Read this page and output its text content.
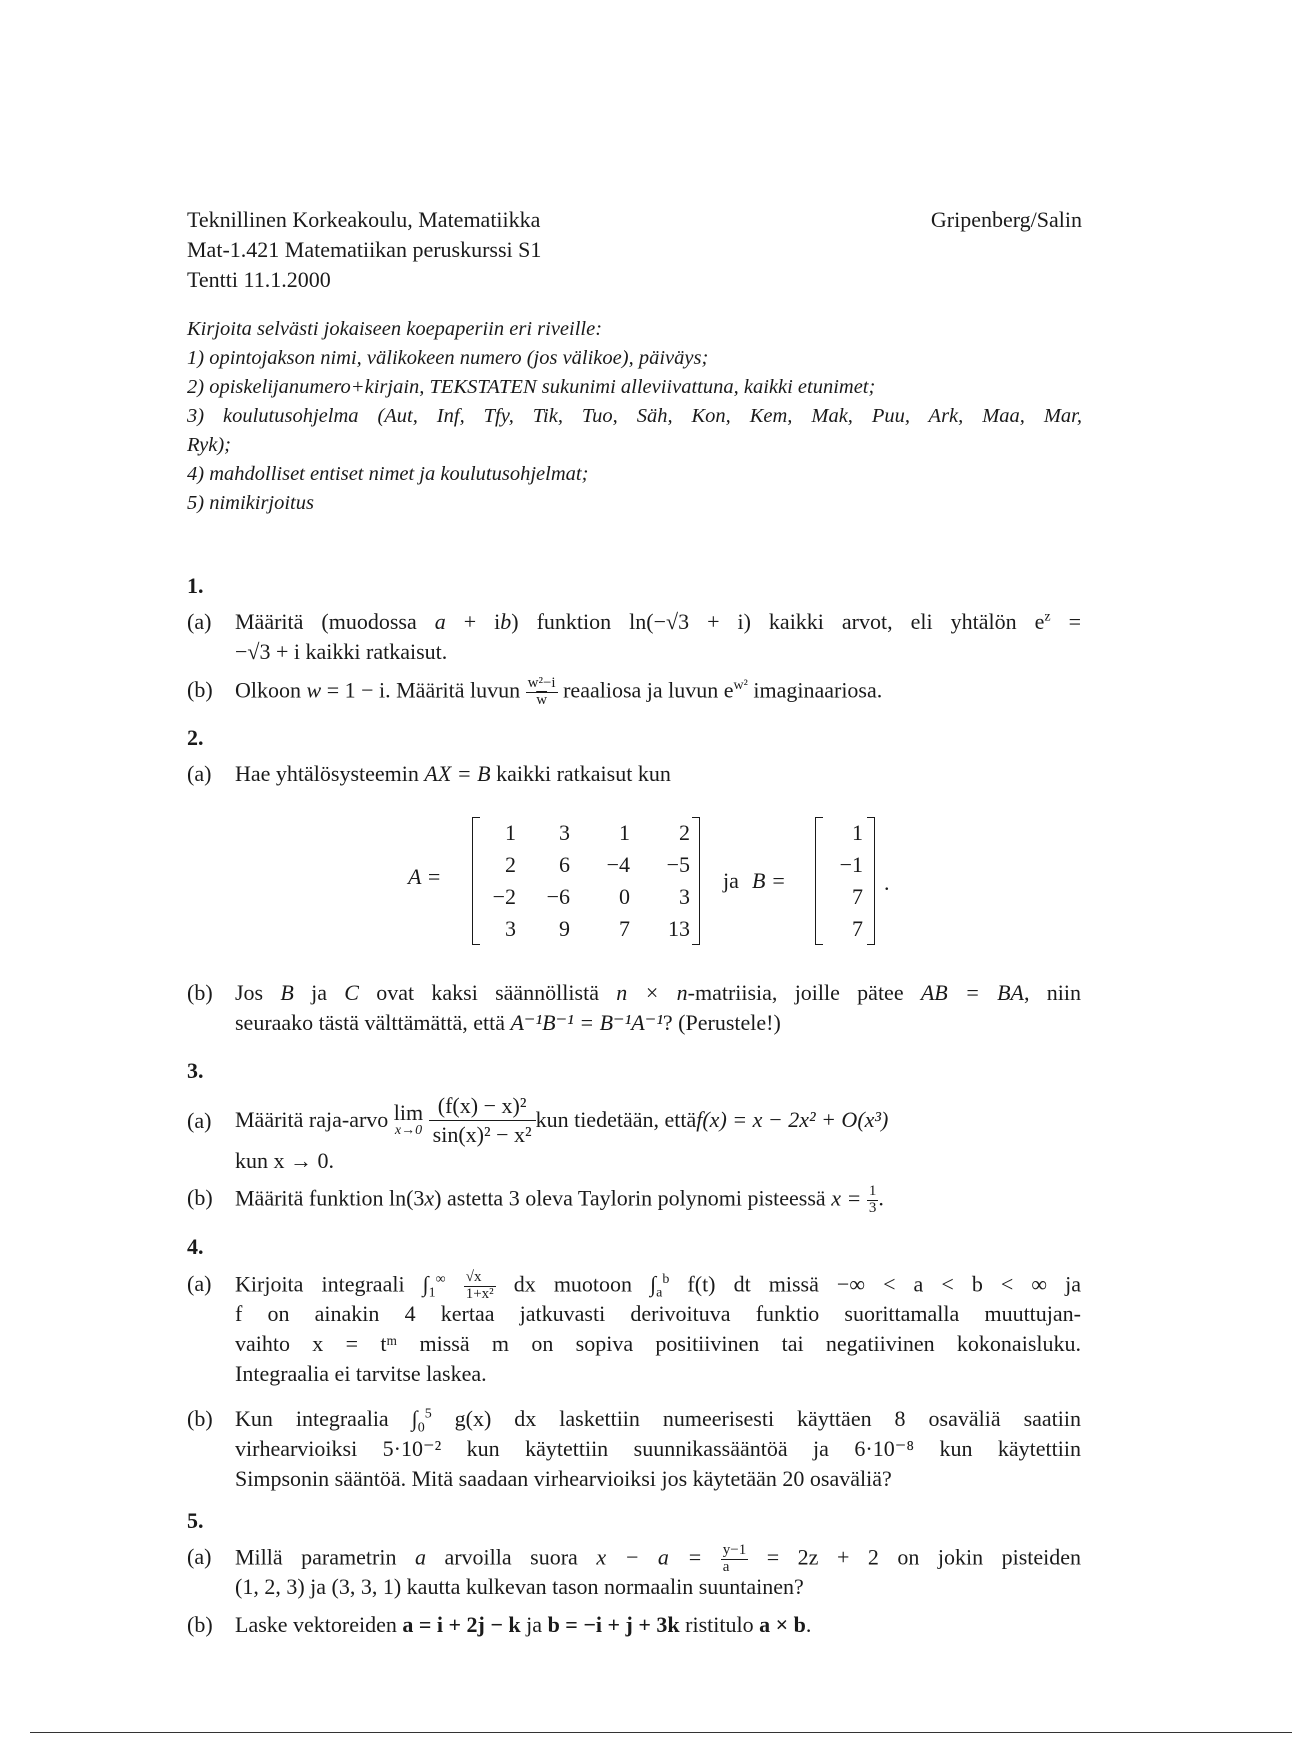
Teknillinen Korkeakoulu, Matematiikka	Gripenberg/Salin
Mat-1.421 Matematiikan peruskurssi S1
Tentti 11.1.2000
Kirjoita selvästi jokaiseen koepaperiin eri riveille:
1) opintojakson nimi, välikokeen numero (jos välikoe), päiväys;
2) opiskelijanumero+kirjain, TEKSTATEN sukunimi alleviivattuna, kaikki etunimet;
3) koulutusohjelma (Aut, Inf, Tfy, Tik, Tuo, Säh, Kon, Kem, Mak, Puu, Ark, Maa, Mar,
Ryk);
4) mahdolliset entiset nimet ja koulutusohjelmat;
5) nimikirjoitus
1.
(a) Määritä (muodossa a + ib) funktion ln(−√3 + i) kaikki arvot, eli yhtälön $e^z$ =
−√3 + i kaikki ratkaisut.
(b) Olkoon w = 1 − i. Määritä luvun $\frac{\text{w²−i}}{w}$ reaaliosa ja luvun $e^{w^2}$ imaginaariosa.
2.
(a) Hae yhtälösysteemin AX = B kaikki ratkaisut kun
A =
1	3	1	2
2	6	−4	−5
−2	−6	0	3
3	9	7	13
ja B =
1
−1
7
7
.
(b) Jos B ja C ovat kaksi säännöllistä n × n-matriisia, joille pätee AB = BA, niin
seuraako tästä välttämättä, että A⁻¹B⁻¹ = B⁻¹A⁻¹? (Perustele!)
3.
(a) Määritä raja-arvo
lim
x→0
$\frac{\text{(f(x) − x)²}}{\text{sin(x)² − x²}}$ kun tiedetään, että f(x) = x − 2x² + O(x³)
kun x → 0.
(b) Määritä funktion ln(3x) astetta 3 oleva Taylorin polynomi pisteessä $x = \frac{1}{3}$ .
4.
(a) Kirjoita integraali $\int_1^\infty \frac{√x}{\text{1+x²}}$ dx muotoon $\int_a^b$ f(t) dt missä −∞ < a < b < ∞ ja
f on ainakin 4 kertaa jatkuvasti derivoituva funktio suorittamalla muuttujan-
vaihto x = tᵐ missä m on sopiva positiivinen tai negatiivinen kokonaisluku.
Integraalia ei tarvitse laskea.
(b) Kun integraalia $\int_0^5$ g(x) dx laskettiin numeerisesti käyttäen 8 osaväliä saatiin
virhearvioiksi 5·10⁻² kun käytettiin suunnikassääntöä ja 6·10⁻⁸ kun käytettiin
Simpsonin sääntöä. Mitä saadaan virhearvioiksi jos käytetään 20 osaväliä?
5.
(a) Millä parametrin a arvoilla suora $x - a = \frac{y-1}{a} = 2z + 2$ on jokin pisteiden
(1, 2, 3) ja (3, 3, 1) kautta kulkevan tason normaalin suuntainen?
(b) Laske vektoreiden a = i + 2j − k ja b = −i + j + 3k ristitulo a × b.
